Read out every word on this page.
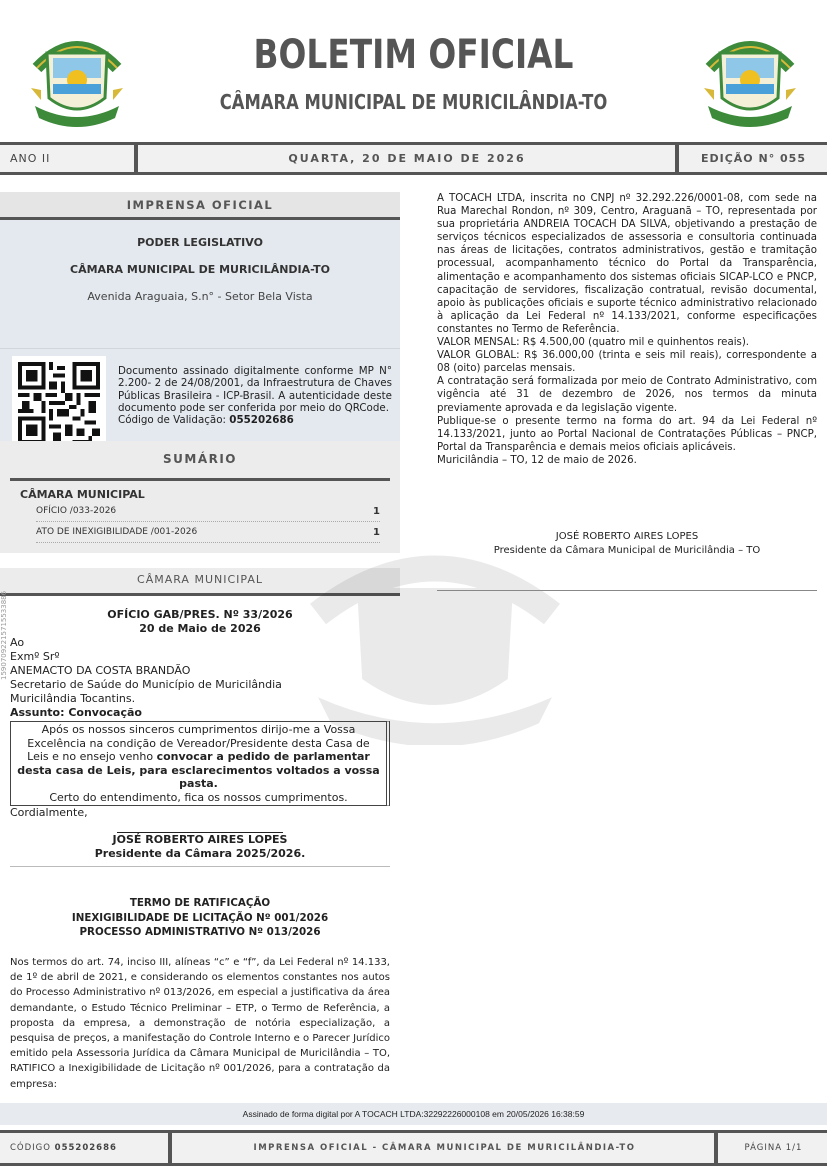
BOLETIM OFICIAL
CÂMARA MUNICIPAL DE MURICILÂNDIA-TO
ANO II	QUARTA, 20 DE MAIO DE 2026	EDIÇÃO N° 055
IMPRENSA OFICIAL
PODER LEGISLATIVO
CÂMARA MUNICIPAL DE MURICILÂNDIA-TO
Avenida Araguaia, S.n° - Setor Bela Vista
Documento assinado digitalmente conforme MP N° 2.200- 2 de 24/08/2001, da Infraestrutura de Chaves Públicas Brasileira - ICP-Brasil. A autenticidade deste documento pode ser conferida por meio do QRCode.
Código de Validação: 055202686
SUMÁRIO
CÂMARA MUNICIPAL
OFÍCIO /033-2026	1
ATO DE INEXIGIBILIDADE /001-2026	1
CÂMARA MUNICIPAL
15907092215715533886	OFÍCIO GAB/PRES. Nº 33/2026
20 de Maio de 2026
Ao
Exmº Srº
ANEMACTO DA COSTA BRANDÃO
Secretario de Saúde do Município de Muricilândia
Muricilândia Tocantins.
Assunto: Convocação
Após os nossos sinceros cumprimentos dirijo-me a Vossa Excelência na condição de Vereador/Presidente desta Casa de Leis e no ensejo venho convocar a pedido de parlamentar desta casa de Leis, para esclarecimentos voltados a vossa pasta.
Certo do entendimento, fica os nossos cumprimentos.
Cordialmente,
JOSÉ ROBERTO AIRES LOPES
Presidente da Câmara 2025/2026.
TERMO DE RATIFICAÇÃO
INEXIGIBILIDADE DE LICITAÇÃO Nº 001/2026
PROCESSO ADMINISTRATIVO Nº 013/2026
Nos termos do art. 74, inciso III, alíneas “c” e “f”, da Lei Federal nº 14.133, de 1º de abril de 2021, e considerando os elementos constantes nos autos do Processo Administrativo nº 013/2026, em especial a justificativa da área demandante, o Estudo Técnico Preliminar – ETP, o Termo de Referência, a proposta da empresa, a demonstração de notória especialização, a pesquisa de preços, a manifestação do Controle Interno e o Parecer Jurídico emitido pela Assessoria Jurídica da Câmara Municipal de Muricilândia – TO, RATIFICO a Inexigibilidade de Licitação nº 001/2026, para a contratação da empresa:
A TOCACH LTDA, inscrita no CNPJ nº 32.292.226/0001-08, com sede na Rua Marechal Rondon, nº 309, Centro, Araguanã – TO, representada por sua proprietária ANDREIA TOCACH DA SILVA, objetivando a prestação de serviços técnicos especializados de assessoria e consultoria continuada nas áreas de licitações, contratos administrativos, gestão e tramitação processual, acompanhamento técnico do Portal da Transparência, alimentação e acompanhamento dos sistemas oficiais SICAP-LCO e PNCP, capacitação de servidores, fiscalização contratual, revisão documental, apoio às publicações oficiais e suporte técnico administrativo relacionado à aplicação da Lei Federal nº 14.133/2021, conforme especificações constantes no Termo de Referência.
VALOR MENSAL: R$ 4.500,00 (quatro mil e quinhentos reais).
VALOR GLOBAL: R$ 36.000,00 (trinta e seis mil reais), correspondente a 08 (oito) parcelas mensais.
A contratação será formalizada por meio de Contrato Administrativo, com vigência até 31 de dezembro de 2026, nos termos da minuta previamente aprovada e da legislação vigente.
Publique-se o presente termo na forma do art. 94 da Lei Federal nº 14.133/2021, junto ao Portal Nacional de Contratações Públicas – PNCP, Portal da Transparência e demais meios oficiais aplicáveis.
Muricilândia – TO, 12 de maio de 2026.
JOSÉ ROBERTO AIRES LOPES
Presidente da Câmara Municipal de Muricilândia – TO
Assinado de forma digital por A TOCACH LTDA:32292226000108 em 20/05/2026 16:38:59
CÓDIGO 055202686	IMPRENSA OFICIAL - CÂMARA MUNICIPAL DE MURICILÂNDIA-TO	PÁGINA 1/1
